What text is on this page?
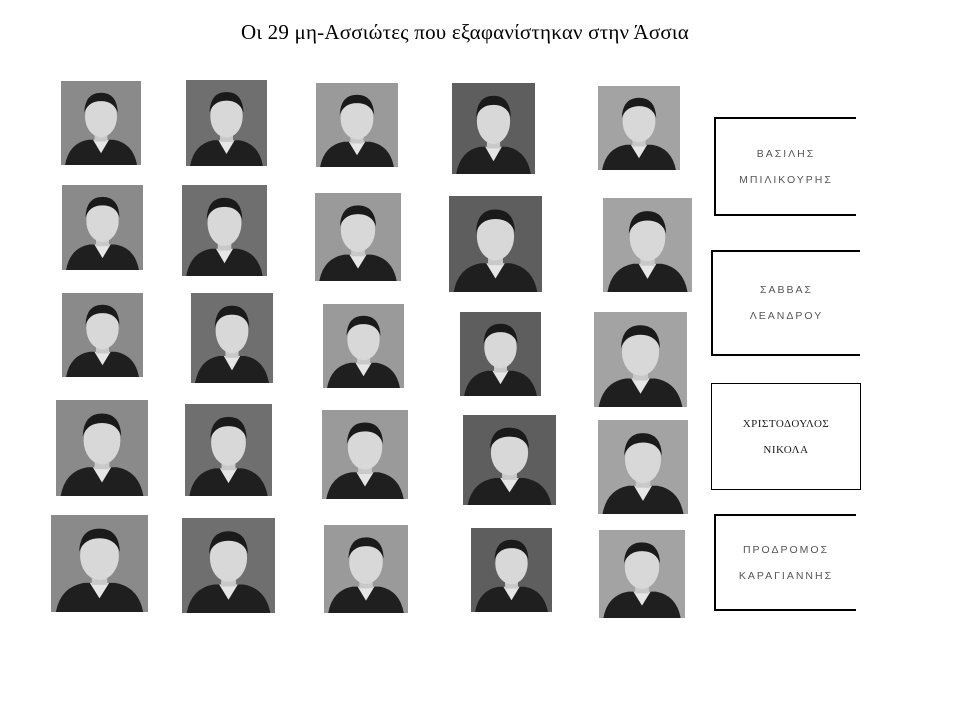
Οι 29 μη-Ασσιώτες που εξαφανίστηκαν στην Άσσια
ΒΑΣΙΛΗΣ
ΜΠΙΛΙΚΟΥΡΗΣ
ΣΑΒΒΑΣ
ΛΕΑΝΔΡΟΥ
ΧΡΙΣΤΟΔΟΥΛΟΣ
ΝΙΚΟΛΑ
ΠΡΟΔΡΟΜΟΣ
ΚΑΡΑΓΙΑΝΝΗΣ
